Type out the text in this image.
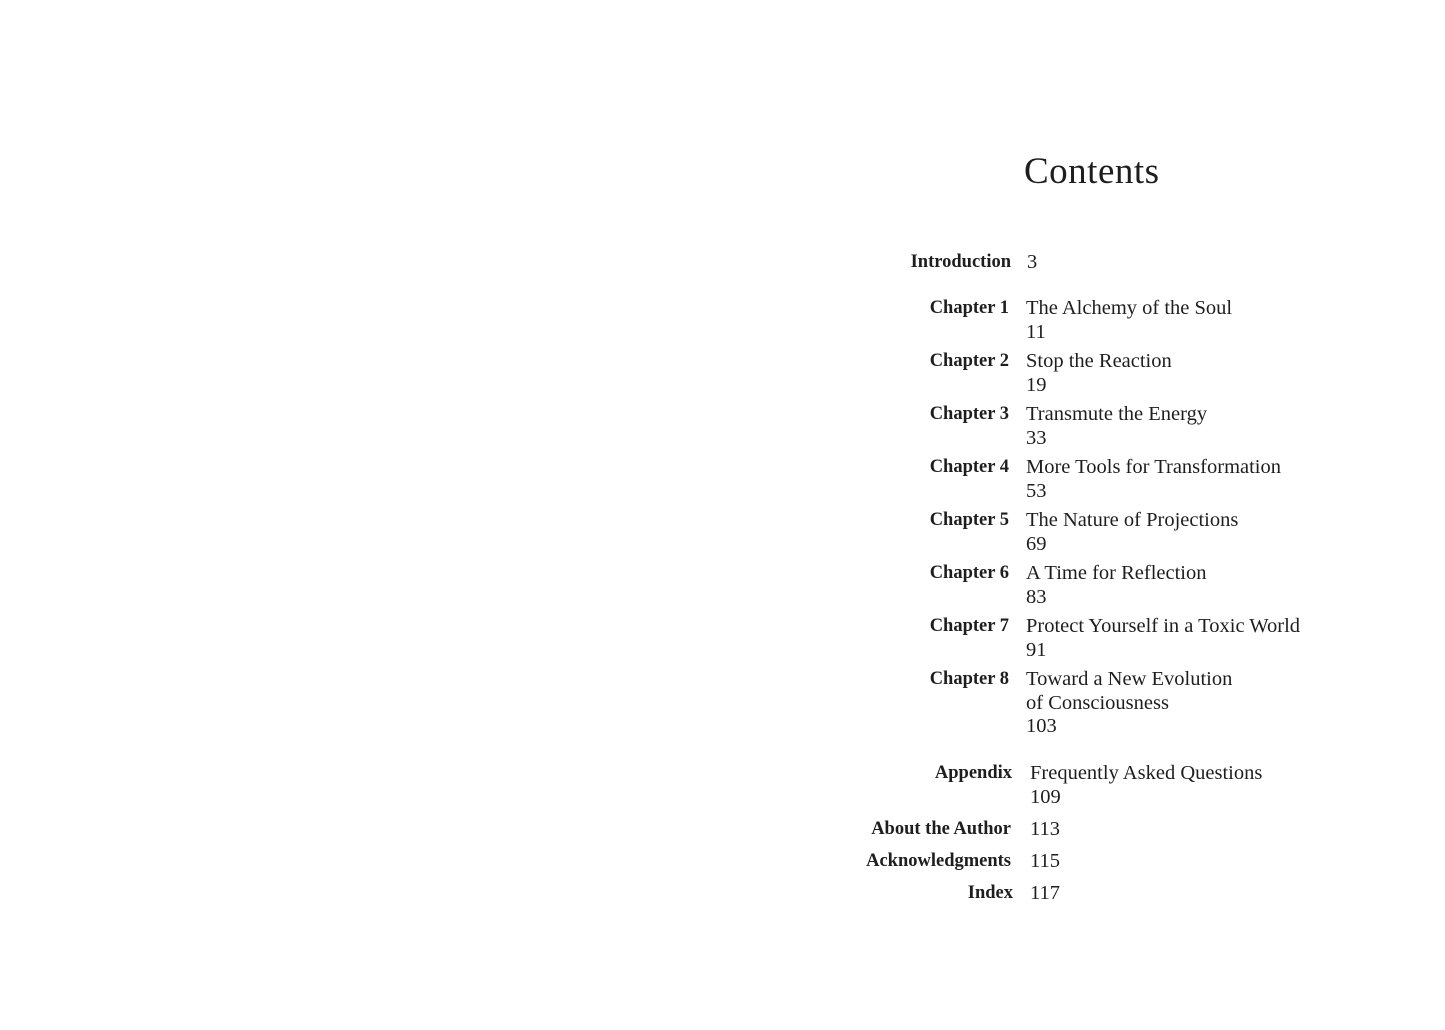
Contents
Introduction 3
Chapter 1 The Alchemy of the Soul
11
Chapter 2 Stop the Reaction
19
Chapter 3 Transmute the Energy
33
Chapter 4 More Tools for Transformation
53
Chapter 5 The Nature of Projections
69
Chapter 6 A Time for Reflection
83
Chapter 7 Protect Yourself in a Toxic World
91
Chapter 8 Toward a New Evolution
of Consciousness
103
Appendix Frequently Asked Questions
109
About the Author 113
Acknowledgments 115
Index 117
